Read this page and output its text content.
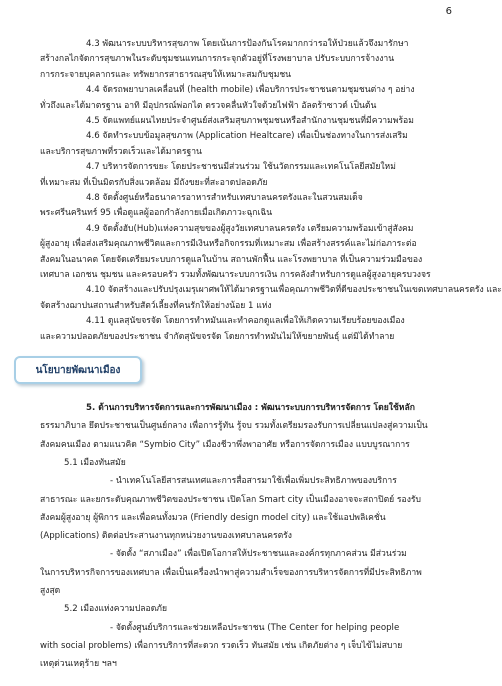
6
4.3 พัฒนาระบบบริหารสุขภาพ โดยเน้นการป้องกันโรคมากกว่ารอให้ป่วยแล้วจึงมารักษา
สร้างกลไกจัดการสุขภาพในระดับชุมชนแทนการกระจุกตัวอยู่ที่โรงพยาบาล ปรับระบบการจ้างงาน
การกระจายบุคลากรและ ทรัพยากรสาธารณสุขให้เหมาะสมกับชุมชน
4.4 จัดรถพยาบาลเคลื่อนที่ (health mobile) เพื่อบริการประชาชนตามชุมชนต่าง ๆ อย่าง
ทั่วถึงและได้มาตรฐาน อาทิ มีอุปกรณ์พ่อกไต ตรวจคลื่นหัวใจด้วยไฟฟ้า อัลตร้าซาวด์ เป็นต้น
4.5 จัดแพทย์แผนไทยประจำศูนย์ส่งเสริมสุขภาพชุมชนหรือสำนักงานชุมชนที่มีความพร้อม
4.6 จัดทำระบบข้อมูลสุขภาพ (Application Healtcare) เพื่อเป็นช่องทางในการส่งเสริม
และบริการสุขภาพที่รวดเร็วและได้มาตรฐาน
4.7 บริหารจัดการขยะ โดยประชาชนมีส่วนร่วม ใช้นวัตกรรมและเทคโนโลยีสมัยใหม่
ที่เหมาะสม ที่เป็นมิตรกับสิ่งแวดล้อม มีถังขยะที่สะอาดปลอดภัย
4.8 จัดตั้งศูนย์หรือธนาคารอาหารสำหรับเทศบาลนครตรังและในสวนสมเด็จ
พระศรีนครินทร์ 95 เพื่อดูแลผู้ออกกำลังกายเมื่อเกิดภาวะฉุกเฉิน
4.9 จัดตั้งฮับ(Hub)แห่งความสุขของผู้สูงวัยเทศบาลนครตรัง เตรียมความพร้อมเข้าสู่สังคม
ผู้สูงอายุ เพื่อส่งเสริมคุณภาพชีวิตและการมีเงินหรือกิจกรรมที่เหมาะสม เพื่อสร้างสรรค์และไม่ก่อภาระต่อ
สังคมในอนาคต โดยจัดเตรียมระบบการดูแลในบ้าน สถานพักฟื้น และโรงพยาบาล ที่เป็นความร่วมมือของ
เทศบาล เอกชน ชุมชน และครอบครัว รวมทั้งพัฒนาระบบการเงิน การคลังสำหรับการดูแลผู้สูงอายุครบวงจร
4.10 จัดสร้างและปรับปรุงเมรุเผาศพให้ได้มาตรฐานเพื่อคุณภาพชีวิตที่ดีของประชาชนในเขตเทศบาลนครตรัง และ
จัดสร้างฌาปนสถานสำหรับสัตว์เลี้ยงที่คนรักให้อย่างน้อย 1 แห่ง
4.11 ดูแลสุนัขจรจัด โดยการทำหมันและทำคอกดูแลเพื่อให้เกิดความเรียบร้อยของเมือง
และความปลอดภัยของประชาชน จำกัดสุนัขจรจัด โดยการทำหมันไม่ให้ขยายพันธุ์ แต่มิได้ทำลาย
นโยบายพัฒนาเมือง
5. ด้านการบริหารจัดการและการพัฒนาเมือง : พัฒนาระบบการบริหารจัดการ โดยใช้หลัก
ธรรมาภิบาล ยึดประชาชนเป็นศูนย์กลาง เพื่อการรู้ทัน รู้จบ รวมทั้งเตรียมรองรับการเปลี่ยนแปลงสู่ความเป็น
สังคมคนเมือง ตามแนวคิด “Symbio City” เมืองชีวาพึ่งพาอาศัย หรือการจัดการเมือง แบบบูรณาการ
5.1 เมืองทันสมัย
- นำเทคโนโลยีสารสนเทศและการสื่อสารมาใช้เพื่อเพิ่มประสิทธิภาพของบริการ
สาธารณะ และยกระดับคุณภาพชีวิตของประชาชน เปิดโลก Smart city เป็นเมืองอาจจะสถาปิตย์ รองรับ
สังคมผู้สูงอายุ ผู้พิการ และเพื่อคนทั้งมวล (Friendly design model city) และใช้แอปพลิเคชั่น
(Applications) ติดต่อประสานงานทุกหน่วยงานของเทศบาลนครตรัง
- จัดตั้ง “สภาเมือง” เพื่อเปิดโอกาสให้ประชาชนและองค์กรทุกภาคส่วน มีส่วนร่วม
ในการบริหารกิจการของเทศบาล เพื่อเป็นเครื่องนำพาสู่ความสำเร็จของการบริหารจัดการที่มีประสิทธิภาพ
สูงสุด
5.2 เมืองแห่งความปลอดภัย
- จัดตั้งศูนย์บริการและช่วยเหลือประชาชน (The Center for helping people
with social problems) เพื่อการบริการที่สะดวก รวดเร็ว ทันสมัย เช่น เกิดภัยต่าง ๆ เจ็บไข้ไม่สบาย
เหตุด่วนเหตุร้าย ฯลฯ
